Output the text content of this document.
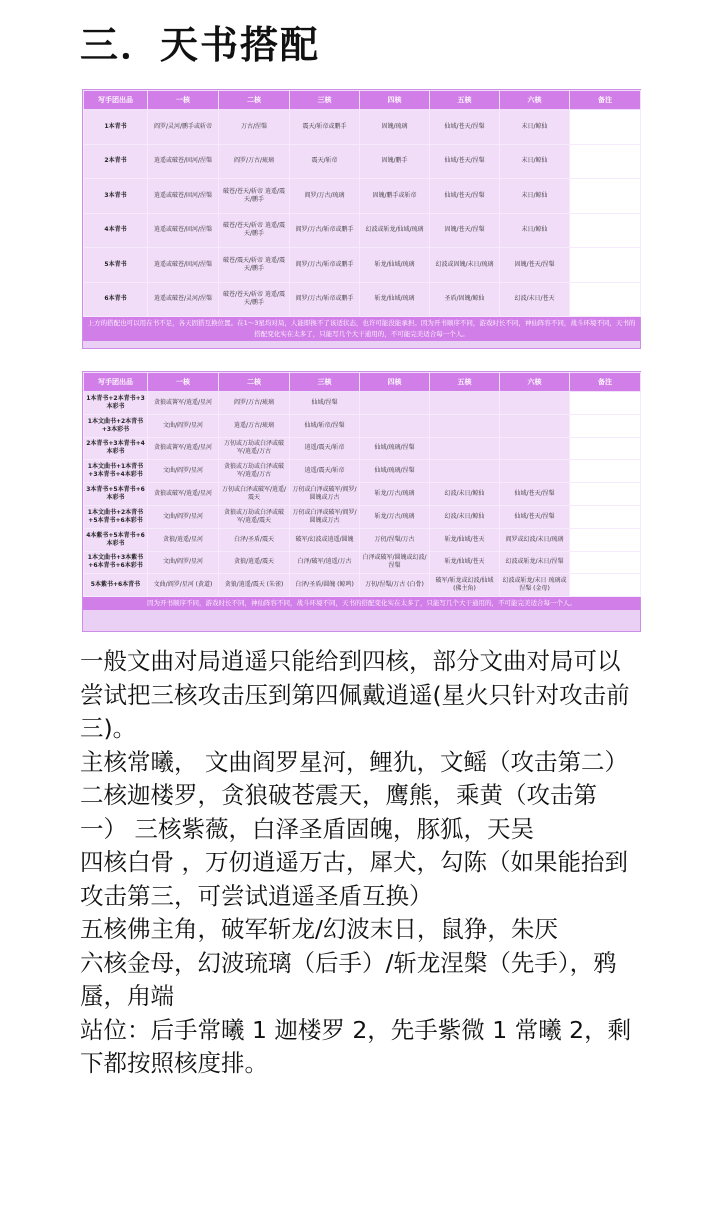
三．天书搭配
写手团出品	一核	二核	三核	四核	五核	六核	备注
1本青书	阎罗/灵河/鹏手或斩帝	万古/涅槃	震天/斩帝或鹏手	固魄/琉璃	仙域/苍天/涅槃	末日/鲸仙	
2本青书	逍遥或破苍/固河/涅槃	阎罗/万古/琉璃	震天/斩帝	固魄/鹏手	仙域/苍天/涅槃	末日/鲸仙	
3本青书	逍遥或破苍/固河/涅槃	破苍/苍天/斩帝 逍遥/震天/鹏手	阎罗/万古/琉璃	固魄/鹏手或斩帝	仙域/苍天/涅槃	末日/鲸仙	
4本青书	逍遥或破苍/固河/涅槃	破苍/苍天/斩帝 逍遥/震天/鹏手	阎罗/万古/斩帝或鹏手	幻波或斩龙/仙域/琉璃	固魄/苍天/涅槃	末日/鲸仙	
5本青书	逍遥或破苍/固河/涅槃	破苍/震天/斩帝 逍遥/震天/鹏手	阎罗/万古/斩帝或鹏手	斩龙/仙域/琉璃	幻波或固魄/末日/琉璃	固魄/苍天/涅槃	
6本青书	逍遥或破苍/灵河/涅槃	破苍/苍天/斩帝 逍遥/震天/鹏手	阎罗/万古/斩帝或鹏手	斩龙/仙域/琉璃	圣盾/固魄/鲸仙	幻波/末日/苍天	
上方的搭配也可以用在书不足，各天固搭互换位置。在1～3星均对局，人能即换不了该适状态，也许可能没能承担。因为开书顺序不同，游戏时长不同，神仙阵容不同，战斗环境不同，天书的搭配变化实在太多了，只能写几个大干通用的，不可能完美适合每一个人。
写手团出品	一核	二核	三核	四核	五核	六核	备注
1本青书+2本青书+3本彩书	贪狼或箐军/逍遥/星河	阎罗/万古/琉璃	仙域/涅槃				
1本文曲书+2本青书+3本彩书	文曲/阎罗/星河	逍遥/万古/琉璃	仙域/斩帝/涅槃				
2本青书+3本青书+4本彩书	贪狼或箐军/逍遥/星河	万仞或万劫或白泽或破军/逍遥/万古	逍遥/震天/斩帝	仙域/琉璃/涅槃			
1本文曲书+1本青书+3本青书+4本彩书	文曲/阎罗/星河	贪狼或万劫或白泽或破军/逍遥/万古	逍遥/震天/斩帝	仙域/琉璃/涅槃			
3本青书+5本青书+6本彩书	贪狼或破军/逍遥/星河	万仞或白泽或破军/逍遥/震天	万仞或白泽或破军/阎罗/圆魄或万古	斩龙/万古/琉璃	幻波/末日/鲸仙	仙域/苍天/涅槃	
1本文曲书+2本青书+5本青书+6本彩书	文曲/阎罗/星河	贪狼或万劫或白泽或破军/逍遥/震天	万仞或白泽或破军/阎罗/圆魄或万古	斩龙/万古/琉璃	幻波/末日/鲸仙	仙域/苍天/涅槃	
4本紫书+5本青书+6本彩书	贪狼/逍遥/星河	白泽/圣盾/震天	破军/幻波或逍遥/圆魄	万仞/涅槃/万古	斩龙/仙域/苍天	阎罗或幻波/末日/琉璃	
1本文曲书+3本紫书+6本青书+6本彩书	文曲/阎罗/星河	贪狼/逍遥/震天	白泽/破军/逍遥/万古	白泽或破军/圆魄或幻波/涅槃	斩龙/仙域/苍天	幻波或斩龙/末日/涅槃	
5本紫书+6本青书	文曲/阎罗/星河 (黄道)	贪狼/逍遥/震天 (朱雀)	白泽/圣盾/圆魄 (鲸鸣)	万仞/涅槃/万古 (白骨)	破军/斩龙或幻波/仙域 (佛主角)	幻波或斩龙/末日 琉璃或涅槃 (金母)	
因为开书顺序不同，游戏时长不同，神仙阵容不同，战斗环境不同，天书的搭配变化实在太多了，只能写几个大干通用的，不可能完美适合每一个人。

一般文曲对局逍遥只能给到四核，部分文曲对局可以尝试把三核攻击压到第四佩戴逍遥(星火只针对攻击前三)。

主核常曦， 文曲阎罗星河，鲤犰，文鳐（攻击第二）

二核迦楼罗，贪狼破苍震天，鹰熊，乘黄（攻击第一） 三核紫薇，白泽圣盾固魄，豚狐，天吴

四核白骨 ，万仞逍遥万古，犀犬，勾陈（如果能抬到攻击第三，可尝试逍遥圣盾互换）

五核佛主角，破军斩龙/幻波末日，鼠狰，朱厌

六核金母，幻波琉璃（后手）/斩龙涅槃（先手），鸦蜃，甪端

站位：后手常曦 1 迦楼罗 2，先手紫微 1 常曦 2，剩下都按照核度排。
